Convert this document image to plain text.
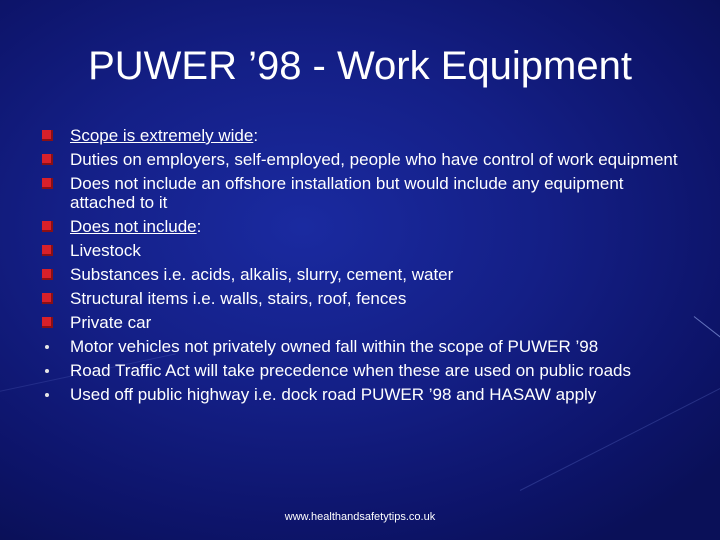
PUWER ’98 - Work Equipment
Scope is extremely wide:
Duties on employers, self-employed, people who have control of work equipment
Does not include an offshore installation but would include any equipment attached to it
Does not include:
Livestock
Substances i.e. acids, alkalis, slurry, cement, water
Structural items i.e. walls, stairs, roof, fences
Private car
Motor vehicles not privately owned fall within the scope of PUWER ’98
Road Traffic Act will take precedence when these are used on public roads
Used off public highway i.e. dock road PUWER ’98 and HASAW apply
www.healthandsafetytips.co.uk
